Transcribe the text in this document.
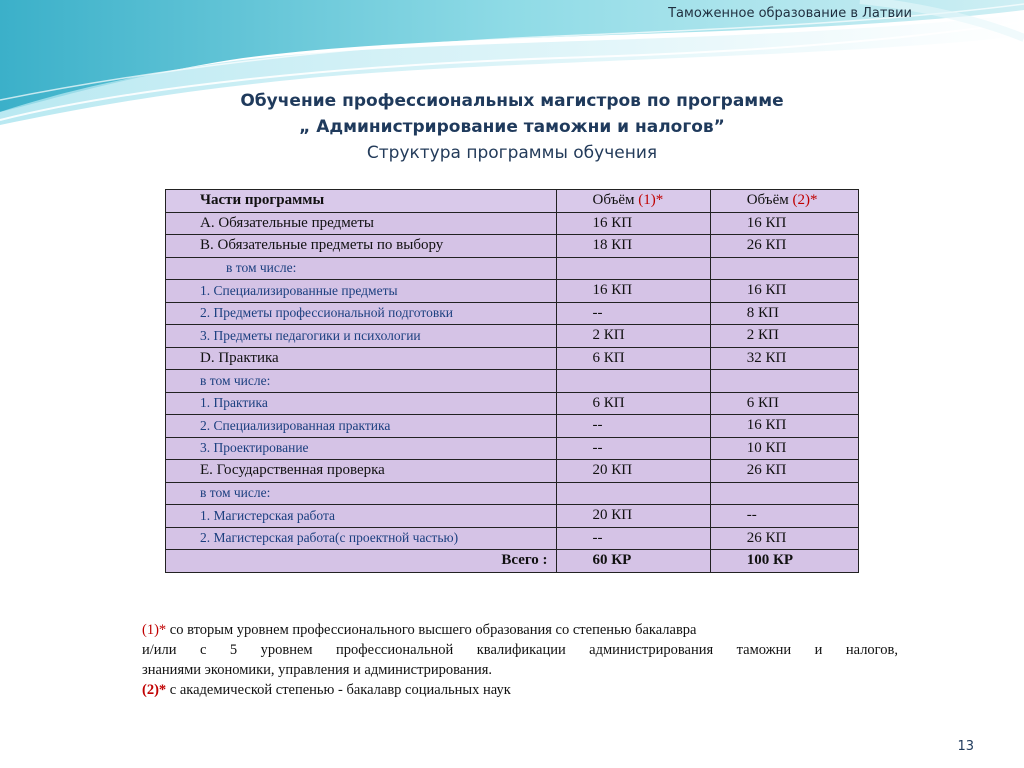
Таможенное образование в Латвии
Обучение профессиональных магистров по программе
„ Администрирование таможни и налогов”
Структура программы обучения
Части программы	Объём (1)*	Объём (2)*
А. Обязательные предметы	16 КП	16 КП
B. Обязательные предметы по выбору	18 КП	26 КП
в том числе:		
1. Специализированные предметы	16 КП	16 КП
2. Предметы профессиональной подготовки	--	8 КП
3. Предметы педагогики и психологии	2 КП	2 КП
D. Практика	6 КП	32 КП
в том числе:		
1. Практика	6 КП	6 КП
2. Специализированная практика	--	16 КП
3. Проектирование	--	10 КП
E. Государственная проверка	20 КП	26 КП
в том числе:		
1. Магистерская работа	20 КП	--
2. Магистерская работа(с проектной частью)	--	26 КП
Всего :	60 КР	100 КР
(1)* со вторым уровнем профессионального высшего образования со степенью бакалавра
и/или с 5 уровнем профессиональной квалификации администрирования таможни и налогов,
знаниями экономики, управления и администрирования.
(2)* с академической степенью - бакалавр социальных наук
13
